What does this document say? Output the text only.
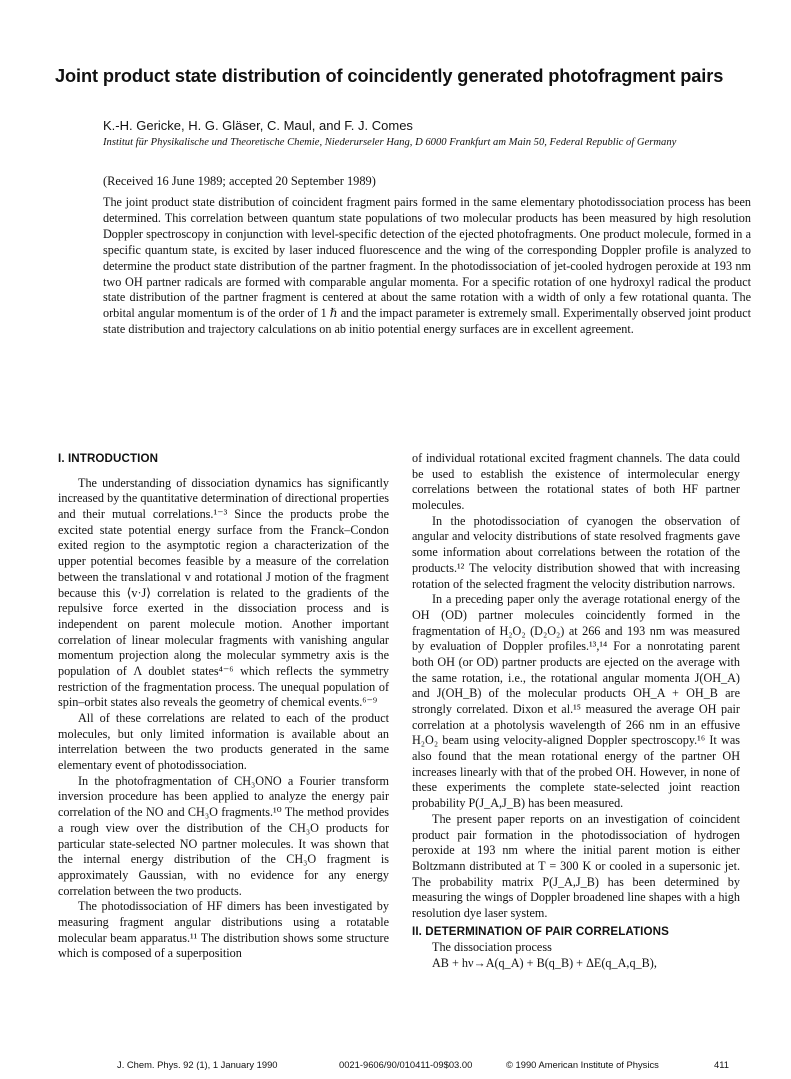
Joint product state distribution of coincidently generated photofragment pairs
K.-H. Gericke, H. G. Gläser, C. Maul, and F. J. Comes
Institut für Physikalische und Theoretische Chemie, Niederurseler Hang, D 6000 Frankfurt am Main 50, Federal Republic of Germany
(Received 16 June 1989; accepted 20 September 1989)
The joint product state distribution of coincident fragment pairs formed in the same elementary photodissociation process has been determined. This correlation between quantum state populations of two molecular products has been measured by high resolution Doppler spectroscopy in conjunction with level-specific detection of the ejected photofragments. One product molecule, formed in a specific quantum state, is excited by laser induced fluorescence and the wing of the corresponding Doppler profile is analyzed to determine the product state distribution of the partner fragment. In the photodissociation of jet-cooled hydrogen peroxide at 193 nm two OH partner radicals are formed with comparable angular momenta. For a specific rotation of one hydroxyl radical the product state distribution of the partner fragment is centered at about the same rotation with a width of only a few rotational quanta. The orbital angular momentum is of the order of 1 ℏ and the impact parameter is extremely small. Experimentally observed joint product state distribution and trajectory calculations on ab initio potential energy surfaces are in excellent agreement.
I. INTRODUCTION

The understanding of dissociation dynamics has significantly increased by the quantitative determination of directional properties and their mutual correlations.¹⁻³ Since the products probe the excited state potential energy surface from the Franck–Condon exited region to the asymptotic region a characterization of the upper potential becomes feasible by a measure of the correlation between the translational v and rotational J motion of the fragment because this ⟨v·J⟩ correlation is related to the gradients of the repulsive force exerted in the dissociation process and is independent on parent molecule motion. Another important correlation of linear molecular fragments with vanishing angular momentum projection along the molecular symmetry axis is the population of Λ doublet states⁴⁻⁶ which reflects the symmetry restriction of the fragmentation process. The unequal population of spin–orbit states also reveals the geometry of chemical events.⁶⁻⁹

All of these correlations are related to each of the product molecules, but only limited information is available about an interrelation between the two products generated in the same elementary event of photodissociation.

In the photofragmentation of CH₃ONO a Fourier transform inversion procedure has been applied to analyze the energy pair correlation of the NO and CH₃O fragments.¹⁰ The method provides a rough view over the distribution of the CH₃O products for particular state-selected NO partner molecules. It was shown that the internal energy distribution of the CH₃O fragment is approximately Gaussian, with no evidence for any energy correlation between the two products.

The photodissociation of HF dimers has been investigated by measuring fragment angular distributions using a rotatable molecular beam apparatus.¹¹ The distribution shows some structure which is composed of a superposition

of individual rotational excited fragment channels. The data could be used to establish the existence of intermolecular energy correlations between the rotational states of both HF partner molecules.

In the photodissociation of cyanogen the observation of angular and velocity distributions of state resolved fragments gave some information about correlations between the rotation of the products.¹² The velocity distribution showed that with increasing rotation of the selected fragment the velocity distribution narrows.

In a preceding paper only the average rotational energy of the OH (OD) partner molecules coincidently formed in the fragmentation of H₂O₂ (D₂O₂) at 266 and 193 nm was measured by evaluation of Doppler profiles.¹³,¹⁴ For a nonrotating parent both OH (or OD) partner products are ejected on the average with the same rotation, i.e., the rotational angular momenta J(OH_A) and J(OH_B) of the molecular products OH_A + OH_B are strongly correlated. Dixon et al.¹⁵ measured the average OH pair correlation at a photolysis wavelength of 266 nm in an effusive H₂O₂ beam using velocity-aligned Doppler spectroscopy.¹⁶ It was also found that the mean rotational energy of the partner OH increases linearly with that of the probed OH. However, in none of these experiments the complete state-selected joint reaction probability P(J_A,J_B) has been measured.

The present paper reports on an investigation of coincident product pair formation in the photodissociation of hydrogen peroxide at 193 nm where the initial parent motion is either Boltzmann distributed at T = 300 K or cooled in a supersonic jet. The probability matrix P(J_A,J_B) has been determined by measuring the wings of Doppler broadened line shapes with a high resolution dye laser system.

II. DETERMINATION OF PAIR CORRELATIONS

The dissociation process

AB + hν→A(q_A) + B(q_B) + ΔE(q_A,q_B),

J. Chem. Phys. 92 (1), 1 January 1990	0021-9606/90/010411-09$03.00	© 1990 American Institute of Physics	411
